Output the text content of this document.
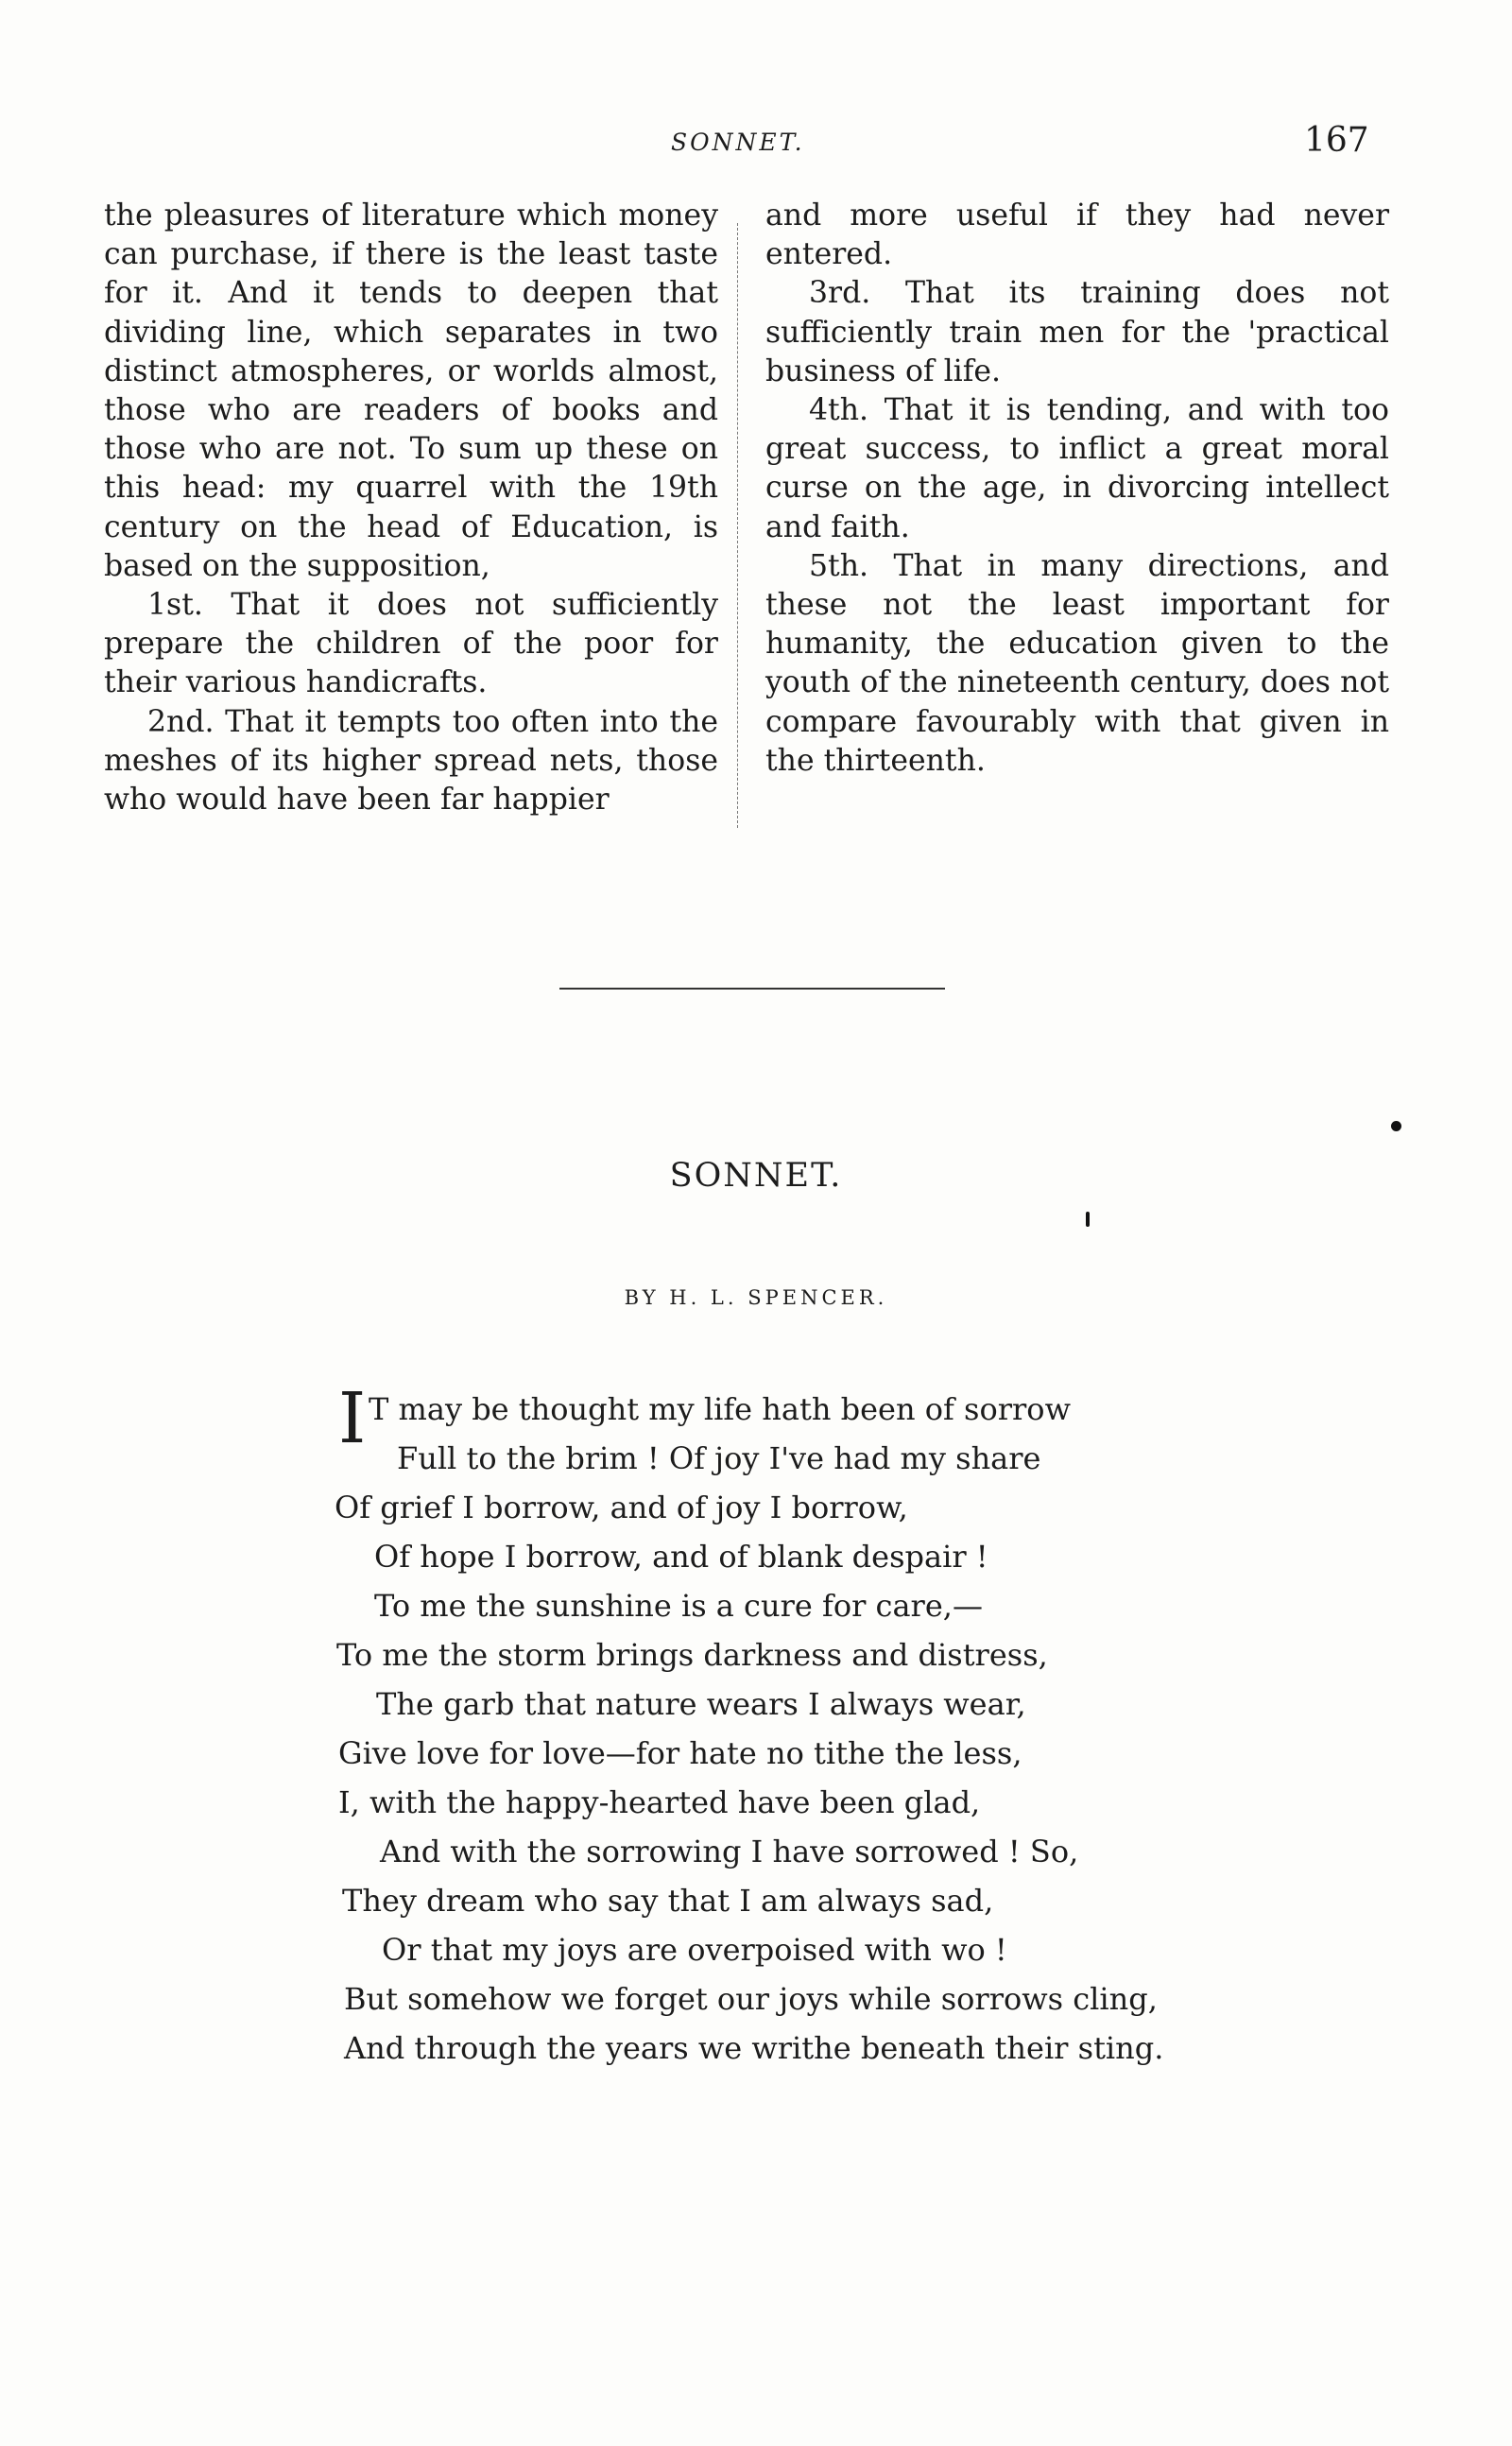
SONNET.	167

the pleasures of literature which money can purchase, if there is the least taste for it. And it tends to deepen that dividing line, which separates in two distinct atmospheres, or worlds almost, those who are readers of books and those who are not. To sum up these on this head: my quarrel with the 19th century on the head of Education, is based on the supposition,

1st. That it does not sufficiently prepare the children of the poor for their various handicrafts.

2nd. That it tempts too often into the meshes of its higher spread nets, those who would have been far happier

and more useful if they had never entered.

3rd. That its training does not sufficiently train men for the 'practical business of life.

4th. That it is tending, and with too great success, to inflict a great moral curse on the age, in divorcing intellect and faith.

5th. That in many directions, and these not the least important for humanity, the education given to the youth of the nineteenth century, does not compare favourably with that given in the thirteenth.

SONNET.
BY H. L. SPENCER.
I T may be thought my life hath been of sorrow
Full to the brim ! Of joy I've had my share
Of grief I borrow, and of joy I borrow,
Of hope I borrow, and of blank despair !
To me the sunshine is a cure for care,—
To me the storm brings darkness and distress,
The garb that nature wears I always wear,
Give love for love—for hate no tithe the less,
I, with the happy-hearted have been glad,
And with the sorrowing I have sorrowed ! So,
They dream who say that I am always sad,
Or that my joys are overpoised with wo !
But somehow we forget our joys while sorrows cling,
And through the years we writhe beneath their sting.
